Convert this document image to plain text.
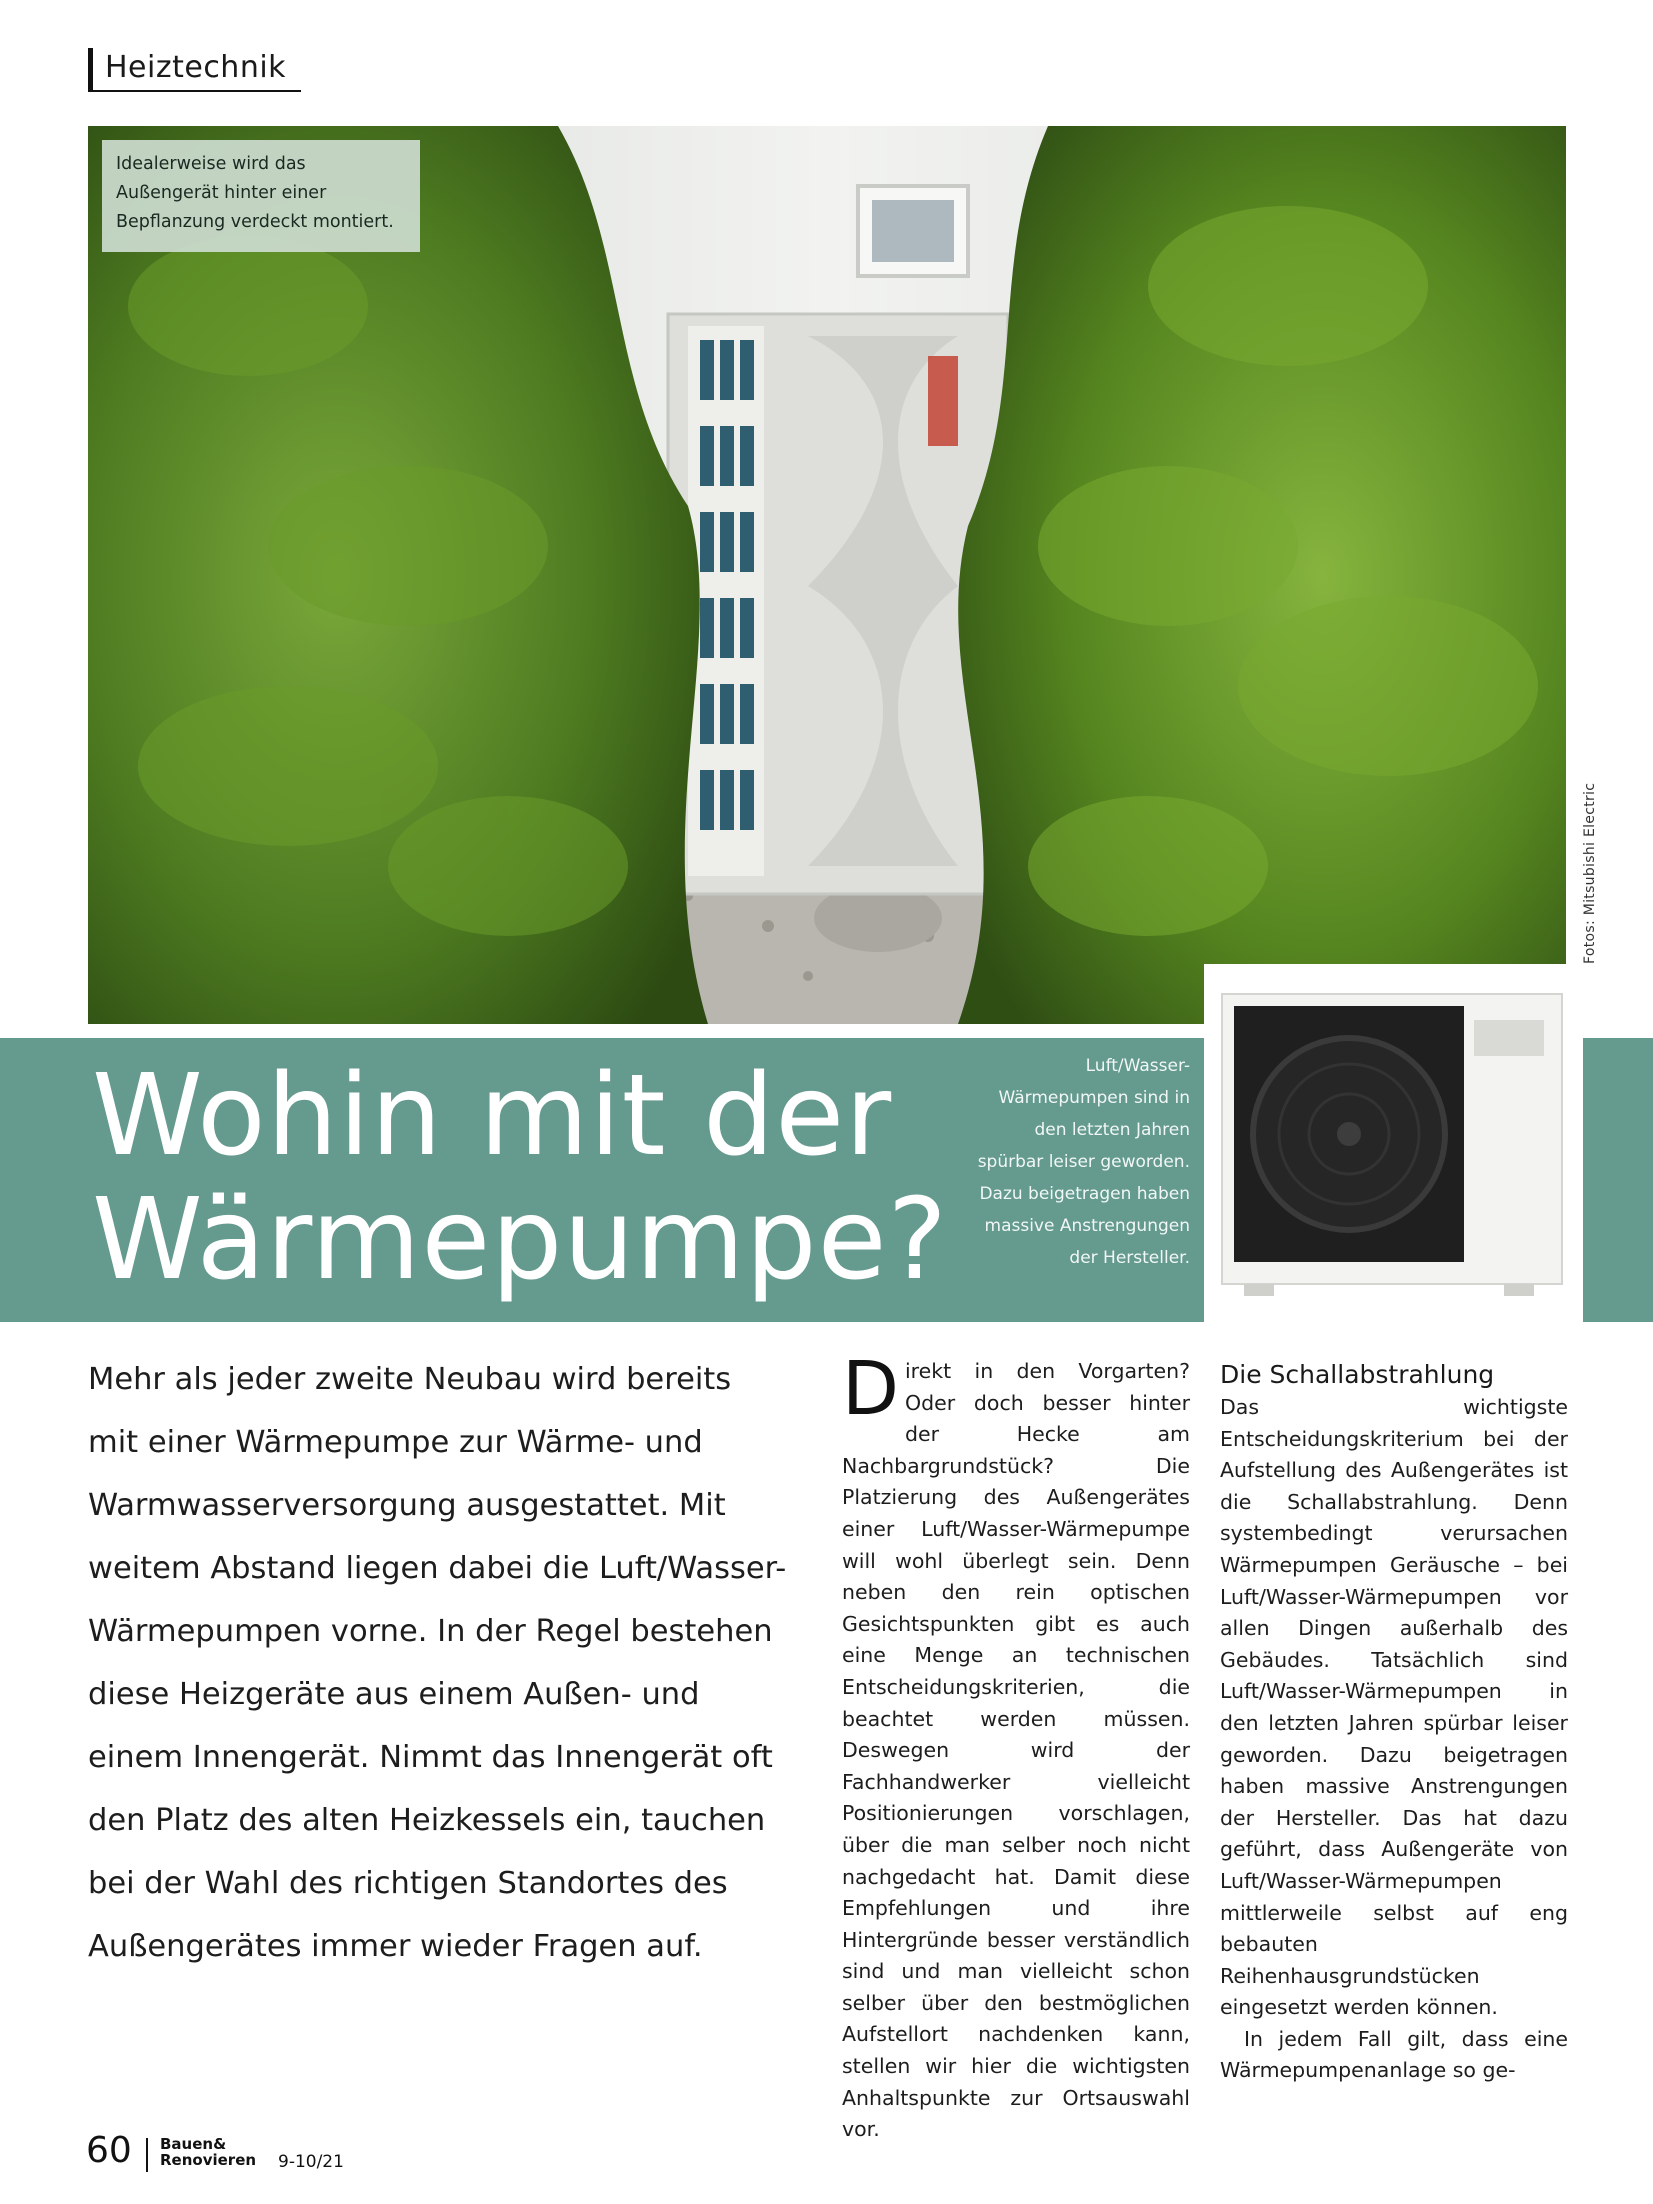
Heiztechnik
Idealerweise wird das Außengerät hinter einer Bepflanzung verdeckt montiert.
Fotos: Mitsubishi Electric
Wohin mit der
Wärmepumpe?
Luft/Wasser-Wärmepumpen sind in den letzten Jahren spürbar leiser geworden. Dazu beigetragen haben massive Anstrengungen der Hersteller.

Mehr als jeder zweite Neubau wird bereits mit einer Wärmepumpe zur Wärme- und Warmwasserversorgung ausgestattet. Mit weitem Abstand liegen dabei die Luft/Wasser-Wärmepumpen vorne. In der Regel bestehen diese Heizgeräte aus einem Außen- und einem Innengerät. Nimmt das Innengerät oft den Platz des alten Heizkessels ein, tauchen bei der Wahl des richtigen Standortes des Außengerätes immer wieder Fragen auf.

Direkt in den Vorgarten? Oder doch besser hinter der Hecke am Nachbargrundstück? Die Platzierung des Außengerätes einer Luft/Wasser-Wärmepumpe will wohl überlegt sein. Denn neben den rein optischen Gesichtspunkten gibt es auch eine Menge an technischen Entscheidungskriterien, die beachtet werden müssen. Deswegen wird der Fachhandwerker vielleicht Positionierungen vorschlagen, über die man selber noch nicht nachgedacht hat. Damit diese Empfehlungen und ihre Hintergründe besser verständlich sind und man vielleicht schon selber über den bestmöglichen Aufstellort nachdenken kann, stellen wir hier die wichtigsten Anhaltspunkte zur Ortsauswahl vor.

Die Schallabstrahlung

Das wichtigste Entscheidungskriterium bei der Aufstellung des Außengerätes ist die Schallabstrahlung. Denn systembedingt verursachen Wärmepumpen Geräusche – bei Luft/Wasser-Wärmepumpen vor allen Dingen außerhalb des Gebäudes. Tatsächlich sind Luft/Wasser-Wärmepumpen in den letzten Jahren spürbar leiser geworden. Dazu beigetragen haben massive Anstrengungen der Hersteller. Das hat dazu geführt, dass Außengeräte von Luft/Wasser-Wärmepumpen mittlerweile selbst auf eng bebauten Reihenhausgrundstücken eingesetzt werden können.

In jedem Fall gilt, dass eine Wärmepumpenanlage so ge-

60 Bauen&
Renovieren 9-10/21
